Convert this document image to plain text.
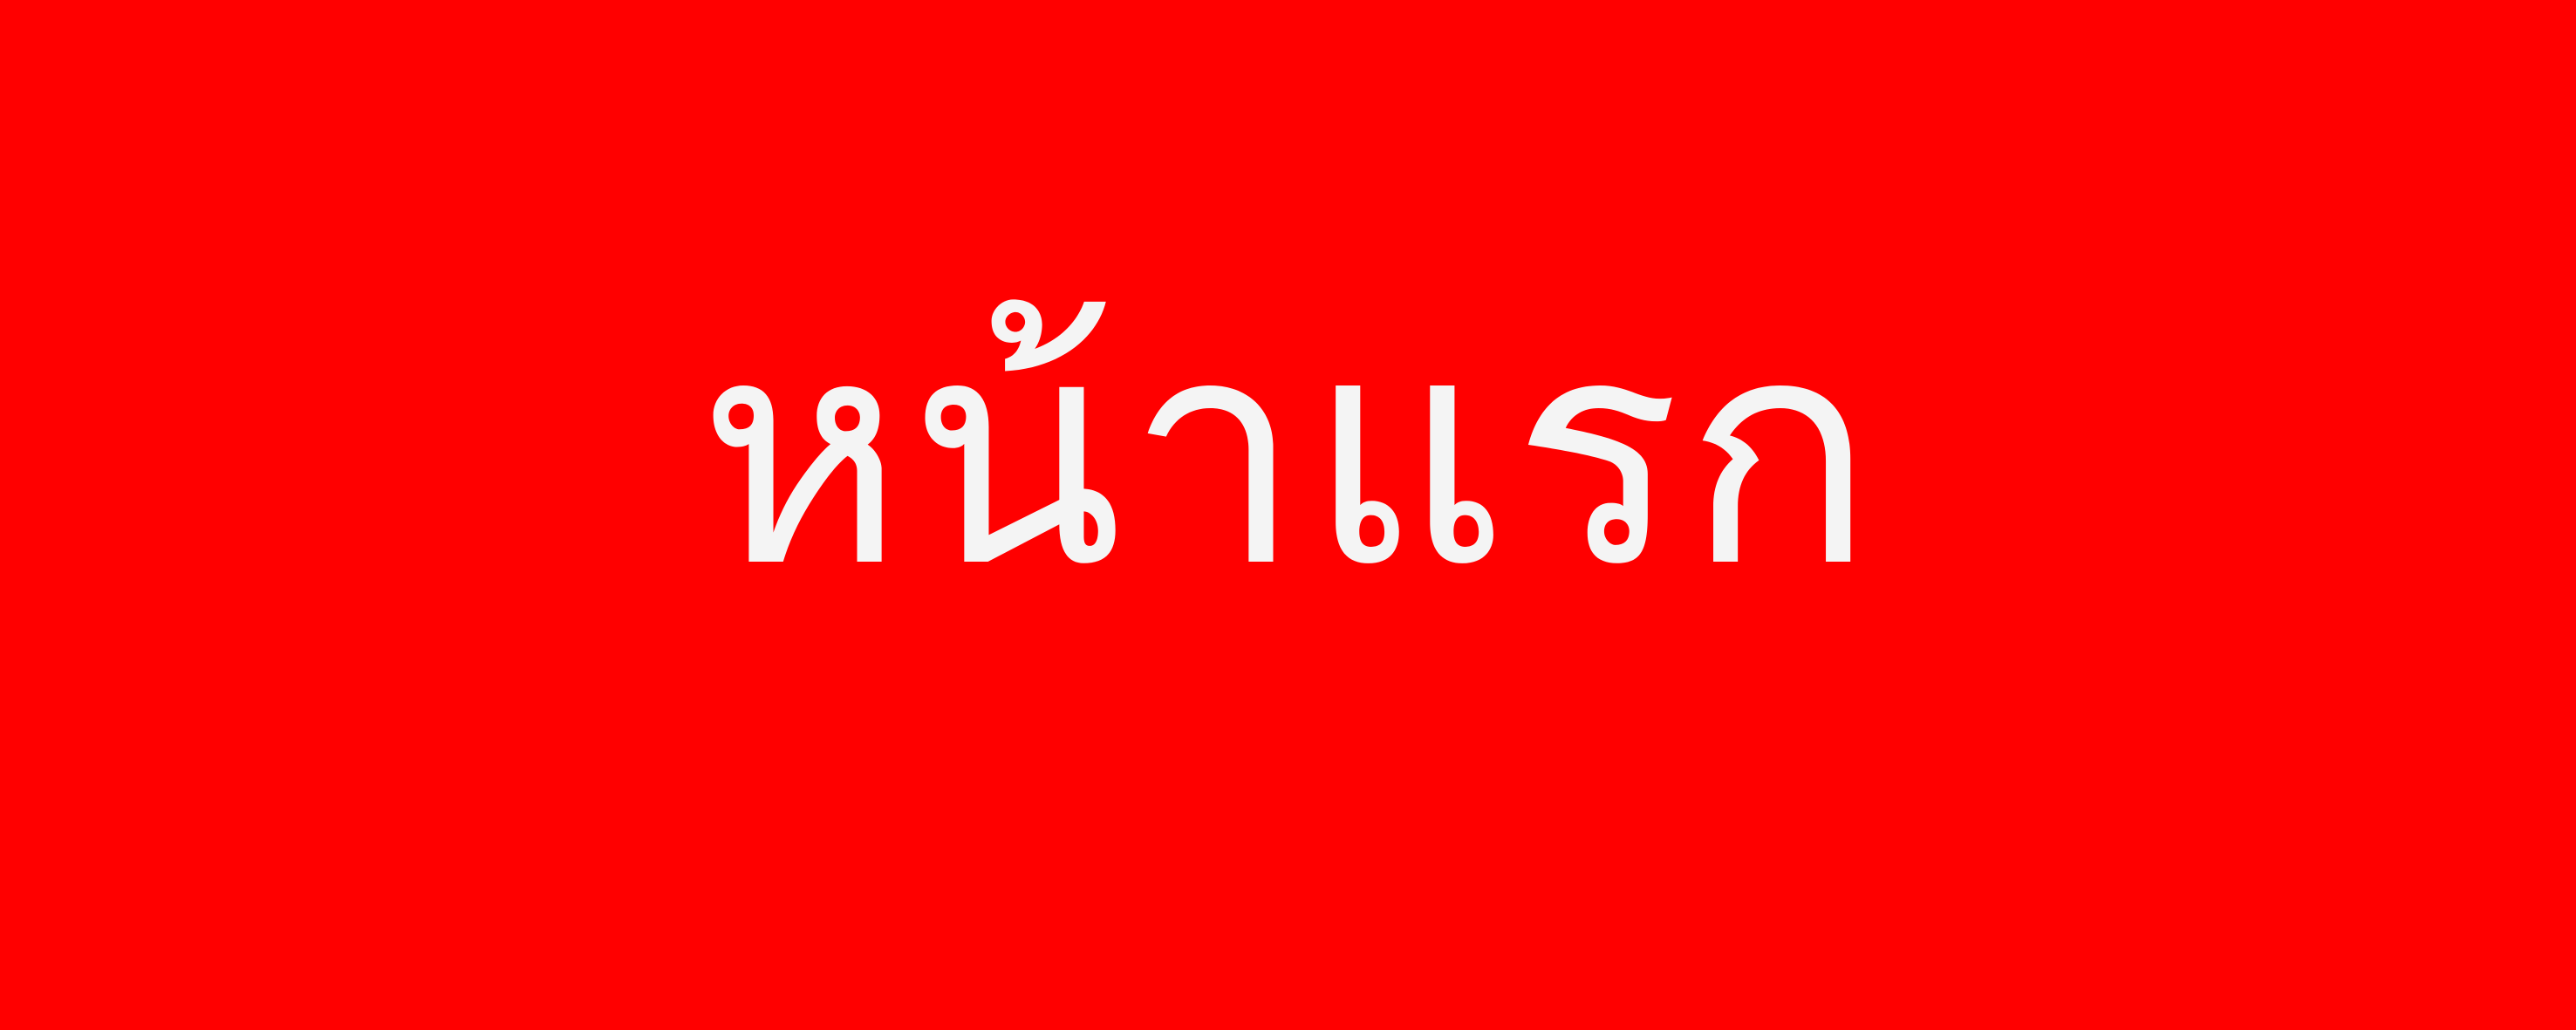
หน้าแรก
